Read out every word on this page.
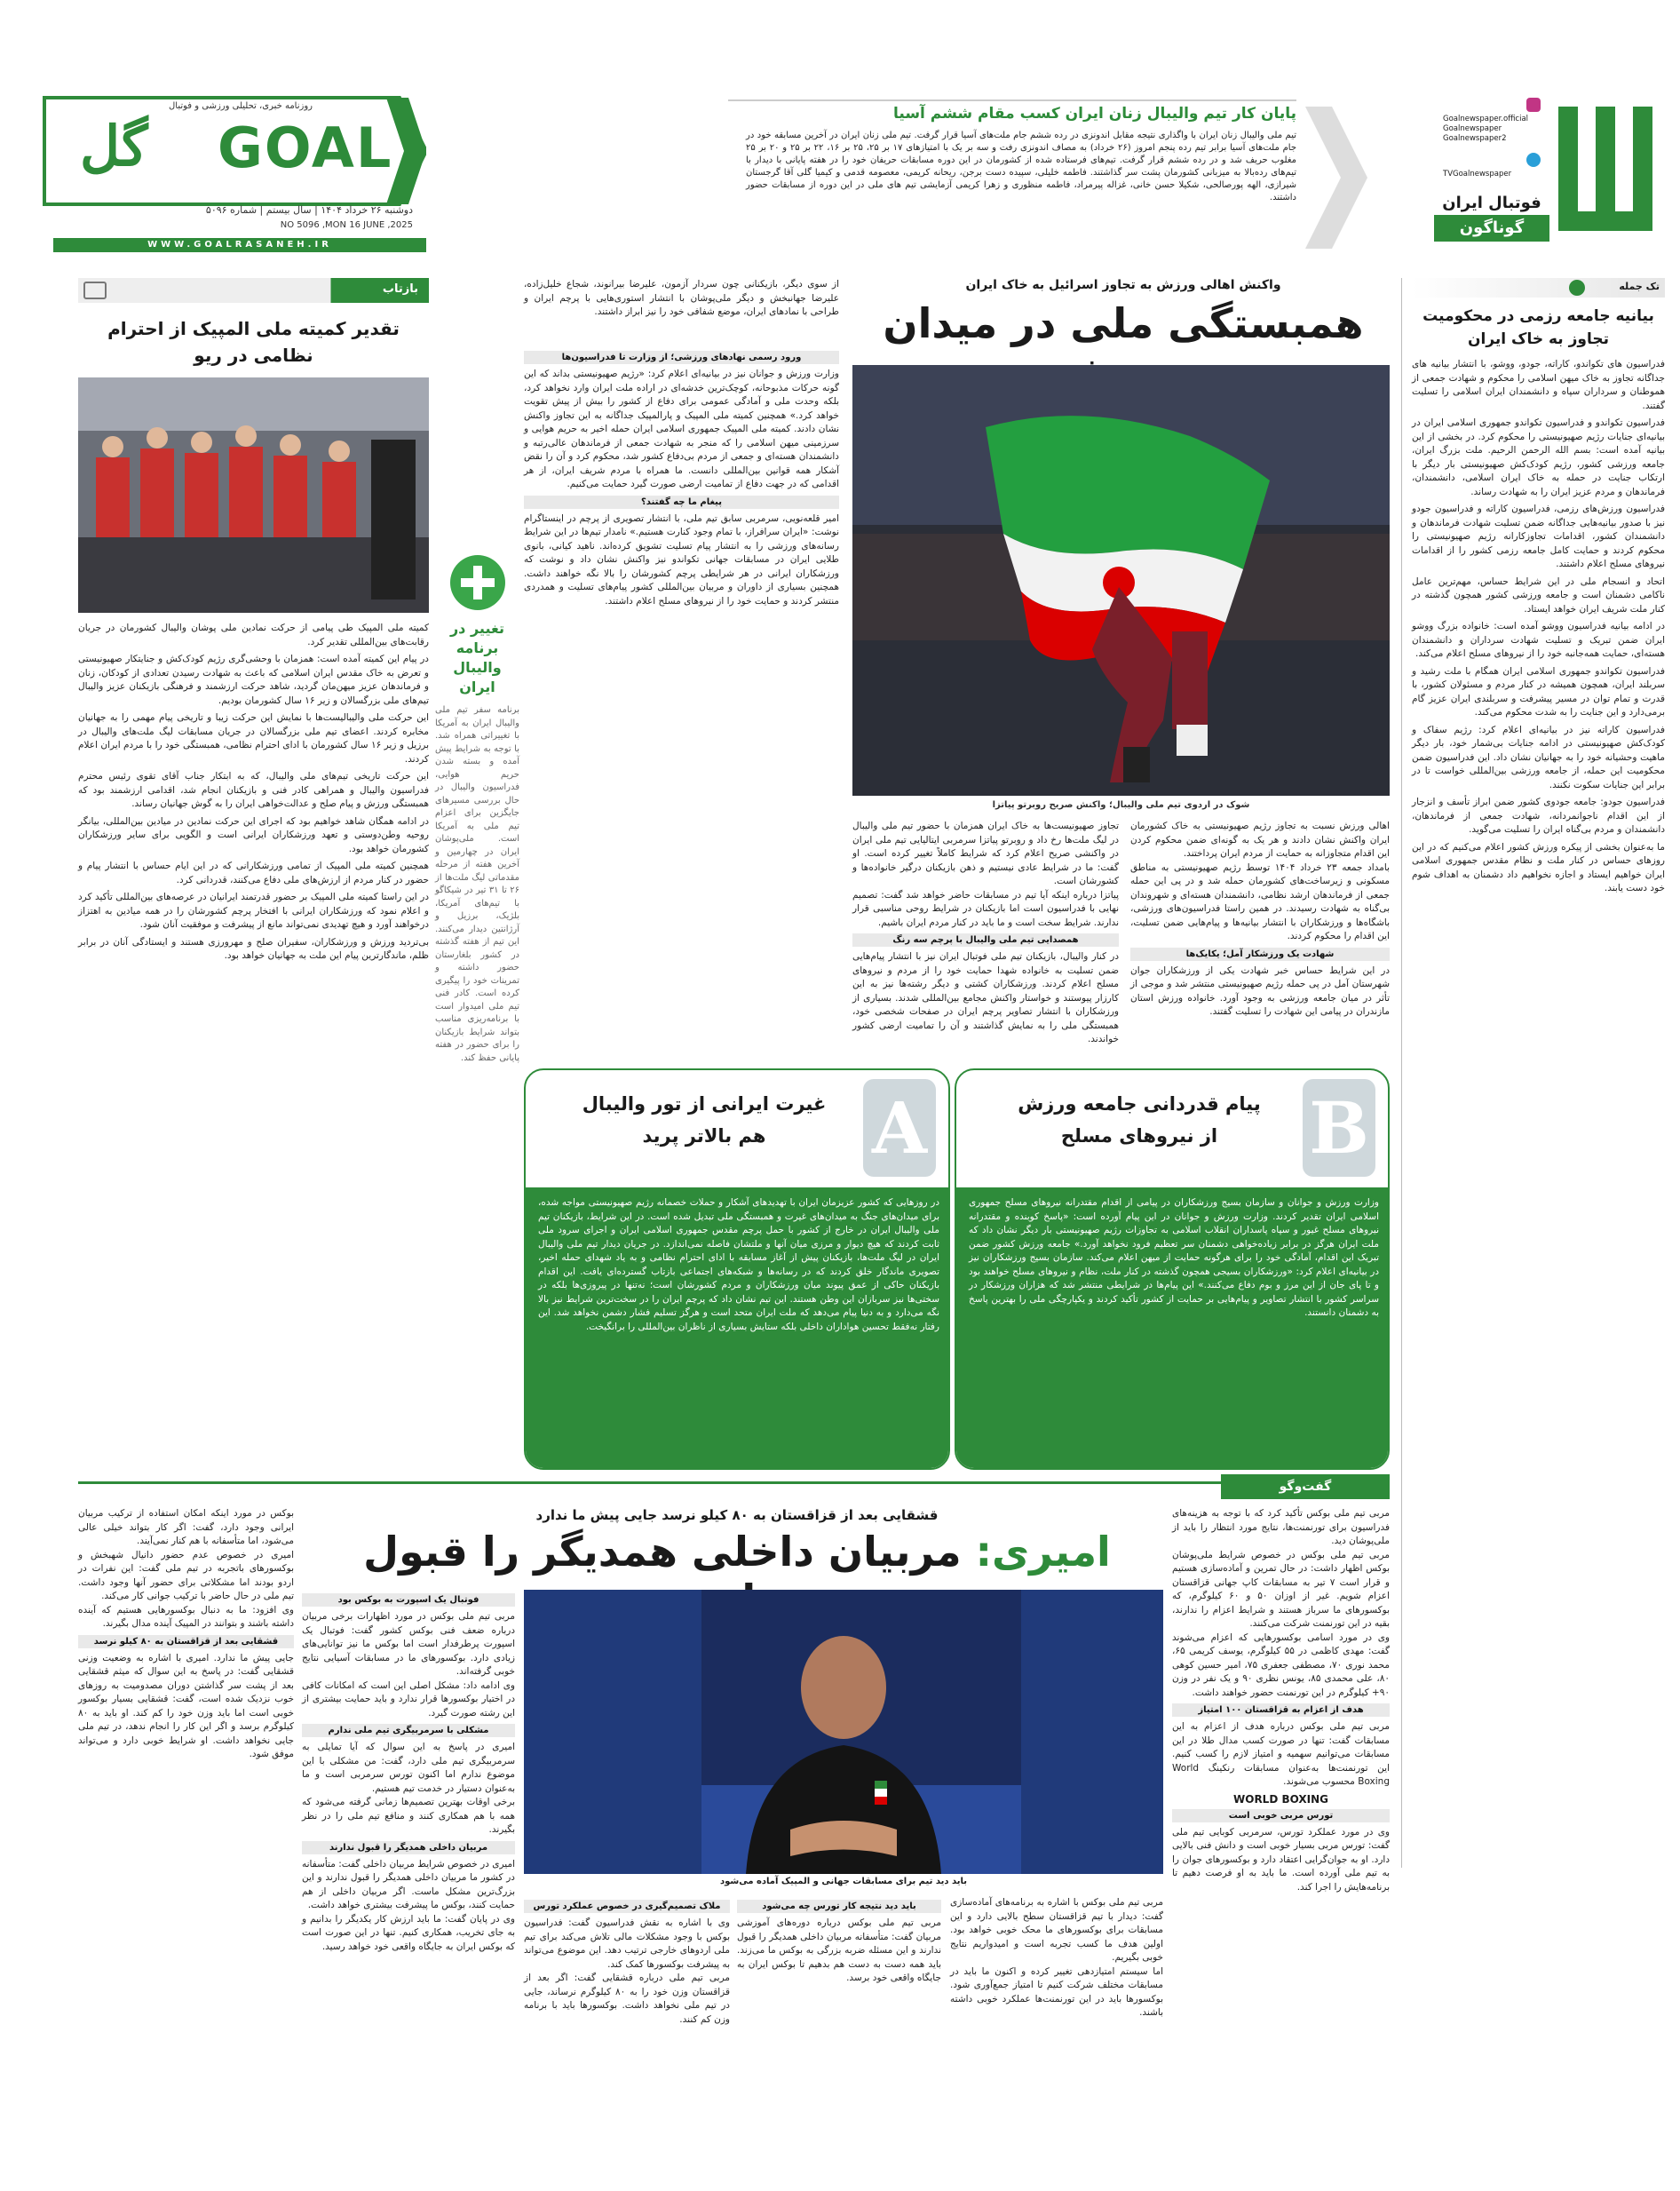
گل GOAL
روزنامه خبری، تحلیلی ورزشی و فوتبال
دوشنبه ۲۶ خرداد ۱۴۰۴ | سال بیستم | شماره ۵۰۹۶
NO 5096 ,MON 16 JUNE ,2025
WWW.GOALRASANEH.IR
پایان کار تیم والیبال زنان ایران کسب مقام ششم آسیا
تیم ملی والیبال زنان ایران با واگذاری نتیجه مقابل اندونزی در رده ششم جام ملت‌های آسیا قرار گرفت. تیم ملی زنان ایران در آخرین مسابقه خود در جام ملت‌های آسیا برابر تیم رده پنجم امروز (۲۶ خرداد) به مصاف اندونزی رفت و سه بر یک با امتیازهای ۱۷ بر ۲۵، ۲۵ بر ۱۶، ۲۲ بر ۲۵ و ۲۰ بر ۲۵ مغلوب حریف شد و در رده ششم قرار گرفت. تیم‌های فرستاده شده از کشورمان در این دوره مسابقات حریفان خود را در هفته پایانی با دیدار با تیم‌های رده‌بالا به میزبانی کشورمان پشت سر گذاشتند. فاطمه خلیلی، سپیده دست برجن، ریحانه کریمی، معصومه قدمی و کیمیا گلی آقا گرجستان شیرازی، الهه پورصالحی، شکیلا حسن خانی، غزاله پیرمراد، فاطمه منظوری و زهرا کریمی آزمایشی تیم های ملی در این دوره از مسابقات حضور داشتند.
Goalnewspaper.official
Goalnewspaper
Goalnewspaper2
TVGoalnewspaper
فوتبال ایران
گوناگون
تک جمله
بیانیه جامعه رزمی در محکومیت تجاوز به خاک ایران

فدراسیون های تکواندو، کاراته، جودو، ووشو، با انتشار بیانیه های جداگانه تجاوز به خاک میهن اسلامی را محکوم و شهادت جمعی از هموطنان و سرداران سپاه و دانشمندان ایران اسلامی را تسلیت گفتند.

فدراسیون تکواندو و فدراسیون تکواندو جمهوری اسلامی ایران در بیانیه‌ای جنایات رژیم صهیونیستی را محکوم کرد. در بخشی از این بیانیه آمده است: بسم الله الرحمن الرحیم. ملت بزرگ ایران، جامعه ورزشی کشور، رژیم کودک‌کش صهیونیستی بار دیگر با ارتکاب جنایت در حمله به خاک ایران اسلامی، دانشمندان، فرماندهان و مردم عزیز ایران را به شهادت رساند.

فدراسیون ورزش‌های رزمی، فدراسیون کاراته و فدراسیون جودو نیز با صدور بیانیه‌هایی جداگانه ضمن تسلیت شهادت فرماندهان و دانشمندان کشور، اقدامات تجاوزکارانه رژیم صهیونیستی را محکوم کردند و حمایت کامل جامعه رزمی کشور را از اقدامات نیروهای مسلح اعلام داشتند.

اتحاد و انسجام ملی در این شرایط حساس، مهم‌ترین عامل ناکامی دشمنان است و جامعه ورزشی کشور همچون گذشته در کنار ملت شریف ایران خواهد ایستاد.

در ادامه بیانیه فدراسیون ووشو آمده است: خانواده بزرگ ووشو ایران ضمن تبریک و تسلیت شهادت سرداران و دانشمندان هسته‌ای، حمایت همه‌جانبه خود را از نیروهای مسلح اعلام می‌کند.

فدراسیون تکواندو جمهوری اسلامی ایران همگام با ملت رشید و سربلند ایران، همچون همیشه در کنار مردم و مسئولان کشور، با قدرت و تمام توان در مسیر پیشرفت و سربلندی ایران عزیز گام برمی‌دارد و این جنایت را به شدت محکوم می‌کند.

فدراسیون کاراته نیز در بیانیه‌ای اعلام کرد: رژیم سفاک و کودک‌کش صهیونیستی در ادامه جنایات بی‌شمار خود، بار دیگر ماهیت وحشیانه خود را به جهانیان نشان داد. این فدراسیون ضمن محکومیت این حمله، از جامعه ورزشی بین‌المللی خواست تا در برابر این جنایات سکوت نکنند.

فدراسیون جودو: جامعه جودوی کشور ضمن ابراز تأسف و انزجار از این اقدام ناجوانمردانه، شهادت جمعی از فرماندهان، دانشمندان و مردم بی‌گناه ایران را تسلیت می‌گوید.

ما به‌عنوان بخشی از پیکره ورزش کشور اعلام می‌کنیم که در این روزهای حساس در کنار ملت و نظام مقدس جمهوری اسلامی ایران خواهیم ایستاد و اجازه نخواهیم داد دشمنان به اهداف شوم خود دست یابند.

واکنش اهالی ورزش به تجاوز اسرائیل به خاک ایران
همبستگی ملی در میدان
از سوی دیگر، بازیکنانی چون سردار آزمون، علیرضا بیرانوند، شجاع خلیل‌زاده، علیرضا جهانبخش و دیگر ملی‌پوشان با انتشار استوری‌هایی با پرچم ایران و طراحی با نمادهای ایران، موضع شفافی خود را نیز ابراز داشتند.
شوک در اردوی تیم ملی والیبال؛ واکنش صریح روبرتو پیاتزا
ورود رسمی نهادهای ورزشی؛ از وزارت تا فدراسیون‌ها
وزارت ورزش و جوانان نیز در بیانیه‌ای اعلام کرد: «رژیم صهیونیستی بداند که این گونه حرکات مذبوحانه، کوچک‌ترین خدشه‌ای در اراده ملت ایران وارد نخواهد کرد، بلکه وحدت ملی و آمادگی عمومی برای دفاع از کشور را بیش از پیش تقویت خواهد کرد.» همچنین کمیته ملی المپیک و پارالمپیک جداگانه به این تجاوز واکنش نشان دادند. کمیته ملی المپیک جمهوری اسلامی ایران حمله اخیر به حریم هوایی و سرزمینی میهن اسلامی را که منجر به شهادت جمعی از فرماندهان عالی‌رتبه و دانشمندان هسته‌ای و جمعی از مردم بی‌دفاع کشور شد، محکوم کرد و آن را نقض آشکار همه قوانین بین‌المللی دانست. ما همراه با مردم شریف ایران، از هر اقدامی که در جهت دفاع از تمامیت ارضی صورت گیرد حمایت می‌کنیم.
پیغام ما چه گفتند؟
امیر قلعه‌نویی، سرمربی سابق تیم ملی، با انتشار تصویری از پرچم در اینستاگرام نوشت: «ایران سرافراز، با تمام وجود کنارت هستیم.» نامدار تیم‌ها در این شرایط رسانه‌های ورزشی را به انتشار پیام تسلیت تشویق کرده‌اند. ناهید کیانی، بانوی طلایی ایران در مسابقات جهانی تکواندو نیز واکنش نشان داد و نوشت که ورزشکاران ایرانی در هر شرایطی پرچم کشورشان را بالا نگه خواهند داشت. همچنین بسیاری از داوران و مربیان بین‌المللی کشور پیام‌های تسلیت و همدردی منتشر کردند و حمایت خود را از نیروهای مسلح اعلام داشتند.

اهالی ورزش نسبت به تجاوز رژیم صهیونیستی به خاک کشورمان ایران واکنش نشان دادند و هر یک به گونه‌ای ضمن محکوم کردن این اقدام متجاوزانه به حمایت از مردم ایران پرداختند.

بامداد جمعه ۲۳ خرداد ۱۴۰۴ توسط رژیم صهیونیستی به مناطق مسکونی و زیرساخت‌های کشورمان حمله شد و در پی این حمله جمعی از فرماندهان ارشد نظامی، دانشمندان هسته‌ای و شهروندان بی‌گناه به شهادت رسیدند. در همین راستا فدراسیون‌های ورزشی، باشگاه‌ها و ورزشکاران با انتشار بیانیه‌ها و پیام‌هایی ضمن تسلیت، این اقدام را محکوم کردند.

شهادت یک ورزشکار آمل؛ یکایک‌ها

در این شرایط حساس خبر شهادت یکی از ورزشکاران جوان شهرستان آمل در پی حمله رژیم صهیونیستی منتشر شد و موجی از تأثر در میان جامعه ورزشی به وجود آورد. خانواده ورزش استان مازندران در پیامی این شهادت را تسلیت گفتند.

تجاوز صهیونیست‌ها به خاک ایران همزمان با حضور تیم ملی والیبال در لیگ ملت‌ها رخ داد و روبرتو پیاتزا سرمربی ایتالیایی تیم ملی ایران در واکنشی صریح اعلام کرد که شرایط کاملاً تغییر کرده است. او گفت: ما در شرایط عادی نیستیم و ذهن بازیکنان درگیر خانواده‌ها و کشورشان است.

پیاتزا درباره اینکه آیا تیم در مسابقات حاضر خواهد شد گفت: تصمیم نهایی با فدراسیون است اما بازیکنان در شرایط روحی مناسبی قرار ندارند. شرایط سخت است و ما باید در کنار مردم ایران باشیم.

همصدایی تیم ملی والیبال با پرچم سه رنگ

در کنار والیبال، بازیکنان تیم ملی فوتبال ایران نیز با انتشار پیام‌هایی ضمن تسلیت به خانواده شهدا حمایت خود را از مردم و نیروهای مسلح اعلام کردند. ورزشکاران کشتی و دیگر رشته‌ها نیز به این کارزار پیوستند و خواستار واکنش مجامع بین‌المللی شدند. بسیاری از ورزشکاران با انتشار تصاویر پرچم ایران در صفحات شخصی خود، همبستگی ملی را به نمایش گذاشتند و آن را تمامیت ارضی کشور خواندند.

بازتاب
تقدیر کمیته ملی المپیک از احترام نظامی در ریو

کمیته ملی المپیک طی پیامی از حرکت نمادین ملی پوشان والیبال کشورمان در جریان رقابت‌های بین‌المللی تقدیر کرد.

در پیام این کمیته آمده است: همزمان با وحشی‌گری رژیم کودک‌کش و جنایتکار صهیونیستی و تعرض به خاک مقدس ایران اسلامی که باعث به شهادت رسیدن تعدادی از کودکان، زنان و فرماندهان عزیز میهن‌مان گردید، شاهد حرکت ارزشمند و فرهنگی بازیکنان عزیز والیبال تیم‌های ملی بزرگسالان و زیر ۱۶ سال کشورمان بودیم.

این حرکت ملی والیبالیست‌ها با نمایش این حرکت زیبا و تاریخی پیام مهمی را به جهانیان مخابره کردند. اعضای تیم ملی بزرگسالان در جریان مسابقات لیگ ملت‌های والیبال در برزیل و زیر ۱۶ سال کشورمان با ادای احترام نظامی، همبستگی خود را با مردم ایران اعلام کردند.

این حرکت تاریخی تیم‌های ملی والیبال، که به ابتکار جناب آقای تقوی رئیس محترم فدراسیون والیبال و همراهی کادر فنی و بازیکنان انجام شد، اقدامی ارزشمند بود که همبستگی ورزش و پیام صلح و عدالت‌خواهی ایران را به گوش جهانیان رساند.

در ادامه همگان شاهد خواهیم بود که اجرای این حرکت نمادین در میادین بین‌المللی، بیانگر روحیه وطن‌دوستی و تعهد ورزشکاران ایرانی است و الگویی برای سایر ورزشکاران کشورمان خواهد بود.

همچنین کمیته ملی المپیک از تمامی ورزشکارانی که در این ایام حساس با انتشار پیام و حضور در کنار مردم از ارزش‌های ملی دفاع می‌کنند، قدردانی کرد.

در این راستا کمیته ملی المپیک بر حضور قدرتمند ایرانیان در عرصه‌های بین‌المللی تأکید کرد و اعلام نمود که ورزشکاران ایرانی با افتخار پرچم کشورشان را در همه میادین به اهتزاز درخواهند آورد و هیچ تهدیدی نمی‌تواند مانع از پیشرفت و موفقیت آنان شود.

بی‌تردید ورزش و ورزشکاران، سفیران صلح و مهرورزی هستند و ایستادگی آنان در برابر ظلم، ماندگارترین پیام این ملت به جهانیان خواهد بود.

تغییر در برنامه والیبال ایران
برنامه سفر تیم ملی والیبال ایران به آمریکا با تغییراتی همراه شد. با توجه به شرایط پیش آمده و بسته شدن حریم هوایی، فدراسیون والیبال در حال بررسی مسیرهای جایگزین برای اعزام تیم ملی به آمریکا است. ملی‌پوشان ایران در چهارمین و آخرین هفته از مرحله مقدماتی لیگ ملت‌ها از ۲۶ تا ۳۱ تیر در شیکاگو با تیم‌های آمریکا، بلژیک، برزیل و آرژانتین دیدار می‌کنند. این تیم از هفته گذشته در کشور بلغارستان حضور داشته و تمرینات خود را پیگیری کرده است. کادر فنی تیم ملی امیدوار است با برنامه‌ریزی مناسب بتواند شرایط بازیکنان را برای حضور در هفته پایانی حفظ کند.
B
پیام قدردانی جامعه ورزش
از نیروهای مسلح
وزارت ورزش و جوانان و سازمان بسیج ورزشکاران در پیامی از اقدام مقتدرانه نیروهای مسلح جمهوری اسلامی ایران تقدیر کردند. وزارت ورزش و جوانان در این پیام آورده است: «پاسخ کوبنده و مقتدرانه نیروهای مسلح غیور و سپاه پاسداران انقلاب اسلامی به تجاوزات رژیم صهیونیستی بار دیگر نشان داد که ملت ایران هرگز در برابر زیاده‌خواهی دشمنان سر تعظیم فرود نخواهد آورد.» جامعه ورزش کشور ضمن تبریک این اقدام، آمادگی خود را برای هرگونه حمایت از میهن اعلام می‌کند. سازمان بسیج ورزشکاران نیز در بیانیه‌ای اعلام کرد: «ورزشکاران بسیجی همچون گذشته در کنار ملت، نظام و نیروهای مسلح خواهند بود و تا پای جان از این مرز و بوم دفاع می‌کنند.» این پیام‌ها در شرایطی منتشر شد که هزاران ورزشکار در سراسر کشور با انتشار تصاویر و پیام‌هایی بر حمایت از کشور تأکید کردند و یکپارچگی ملی را بهترین پاسخ به دشمنان دانستند.
A
غیرت ایرانی از تور والیبال
هم بالاتر پرید
در روزهایی که کشور عزیزمان ایران با تهدیدهای آشکار و حملات خصمانه رژیم صهیونیستی مواجه شده، برای میدان‌های جنگ به میدان‌های غیرت و همبستگی ملی تبدیل شده است. در این شرایط، بازیکنان تیم ملی والیبال ایران در خارج از کشور با حمل پرچم مقدس جمهوری اسلامی ایران و اجرای سرود ملی ثابت کردند که هیچ دیوار و مرزی میان آنها و ملتشان فاصله نمی‌اندازد. در جریان دیدار تیم ملی والیبال ایران در لیگ ملت‌ها، بازیکنان پیش از آغاز مسابقه با ادای احترام نظامی و به یاد شهدای حمله اخیر، تصویری ماندگار خلق کردند که در رسانه‌ها و شبکه‌های اجتماعی بازتاب گسترده‌ای یافت. این اقدام بازیکنان حاکی از عمق پیوند میان ورزشکاران و مردم کشورشان است؛ نه‌تنها در پیروزی‌ها بلکه در سختی‌ها نیز سربازان این وطن هستند. این تیم نشان داد که پرچم ایران را در سخت‌ترین شرایط نیز بالا نگه می‌دارد و به دنیا پیام می‌دهد که ملت ایران متحد است و هرگز تسلیم فشار دشمن نخواهد شد. این رفتار نه‌فقط تحسین هواداران داخلی بلکه ستایش بسیاری از ناظران بین‌المللی را برانگیخت.
گفت‌وگو
قشقایی بعد از قزاقستان به ۸۰ کیلو نرسد جایی پیش ما ندارد
امیری: مربیان داخلی همدیگر را قبول
باید دید تیم برای مسابقات جهانی و المپیک آماده می‌شود

مربی تیم ملی بوکس تأکید کرد که با توجه به هزینه‌های فدراسیون برای تورنمنت‌ها، نتایج مورد انتظار را باید از ملی‌پوشان دید.

مربی تیم ملی بوکس در خصوص شرایط ملی‌پوشان بوکس اظهار داشت: در حال تمرین و آماده‌سازی هستیم و قرار است ۷ تیر به مسابقات کاپ جهانی قزاقستان اعزام شویم. غیر از اوزان ۵۰ و ۶۰ کیلوگرم، که بوکسورهای ما سرباز هستند و شرایط اعزام را ندارند، بقیه در این تورنمنت شرکت می‌کنند.

وی در مورد اسامی بوکسورهایی که اعزام می‌شوند گفت: مهدی کاظمی در ۵۵ کیلوگرم، یوسف کریمی ۶۵، محمد نوری ۷۰، مصطفی جعفری ۷۵، امیر حسین کوهی ۸۰، علی محمدی ۸۵، یونس نظری ۹۰ و یک نفر در وزن ۹۰+ کیلوگرم در این تورنمنت حضور خواهند داشت.

هدف از اعزام به قزاقستان ۱۰۰ امتیاز

مربی تیم ملی بوکس درباره هدف از اعزام به این مسابقات گفت: تنها در صورت کسب مدال طلا در این مسابقات می‌توانیم سهمیه و امتیاز لازم را کسب کنیم. این تورنمنت‌ها به‌عنوان مسابقات رنکینگ World Boxing محسوب می‌شوند.

WORLD BOXING
تورس مربی خوبی است

وی در مورد عملکرد تورس، سرمربی کوبایی تیم ملی گفت: تورس مربی بسیار خوبی است و دانش فنی بالایی دارد. او به جوان‌گرایی اعتقاد دارد و بوکسورهای جوان را به تیم ملی آورده است. ما باید به او فرصت دهیم تا برنامه‌هایش را اجرا کند.

مربی تیم ملی بوکس با اشاره به برنامه‌های آماده‌سازی گفت: دیدار با تیم قزاقستان سطح بالایی دارد و این مسابقات برای بوکسورهای ما محک خوبی خواهد بود. اولین هدف ما کسب تجربه است و امیدواریم نتایج خوبی بگیریم.

اما سیستم امتیازدهی تغییر کرده و اکنون ما باید در مسابقات مختلف شرکت کنیم تا امتیاز جمع‌آوری شود. بوکسورها باید در این تورنمنت‌ها عملکرد خوبی داشته باشند.

باید دید نتیجه کار تورس چه می‌شود

مربی تیم ملی بوکس درباره دوره‌های آموزشی مربیان گفت: متأسفانه مربیان داخلی همدیگر را قبول ندارند و این مسئله ضربه بزرگی به بوکس ما می‌زند. باید همه دست به دست هم بدهیم تا بوکس ایران به جایگاه واقعی خود برسد.

ملاک تصمیم‌گیری در خصوص عملکرد تورس

وی با اشاره به نقش فدراسیون گفت: فدراسیون بوکس با وجود مشکلات مالی تلاش می‌کند برای تیم ملی اردوهای خارجی ترتیب دهد. این موضوع می‌تواند به پیشرفت بوکسورها کمک کند.

مربی تیم ملی درباره قشقایی گفت: اگر بعد از قزاقستان وزن خود را به ۸۰ کیلوگرم نرساند، جایی در تیم ملی نخواهد داشت. بوکسورها باید با برنامه وزن کم کنند.

فوتبال یک اسپورت به بوکس بود

مربی تیم ملی بوکس در مورد اظهارات برخی مربیان درباره ضعف فنی بوکس کشور گفت: فوتبال یک اسپورت پرطرفدار است اما بوکس ما نیز توانایی‌های زیادی دارد. بوکسورهای ما در مسابقات آسیایی نتایج خوبی گرفته‌اند.

وی ادامه داد: مشکل اصلی این است که امکانات کافی در اختیار بوکسورها قرار ندارد و باید حمایت بیشتری از این رشته صورت گیرد.

مشکلی با سرمربیگری تیم ملی ندارم

امیری در پاسخ به این سوال که آیا تمایلی به سرمربیگری تیم ملی دارد، گفت: من مشکلی با این موضوع ندارم اما اکنون تورس سرمربی است و ما به‌عنوان دستیار در خدمت تیم هستیم.

برخی اوقات بهترین تصمیم‌ها زمانی گرفته می‌شود که همه با هم همکاری کنند و منافع تیم ملی را در نظر بگیرند.

مربیان داخلی همدیگر را قبول ندارند

امیری در خصوص شرایط مربیان داخلی گفت: متأسفانه در کشور ما مربیان داخلی همدیگر را قبول ندارند و این بزرگ‌ترین مشکل ماست. اگر مربیان داخلی از هم حمایت کنند، بوکس ما پیشرفت بیشتری خواهد داشت.

وی در پایان گفت: ما باید ارزش کار یکدیگر را بدانیم و به جای تخریب، همکاری کنیم. تنها در این صورت است که بوکس ایران به جایگاه واقعی خود خواهد رسید.

بوکس در مورد اینکه امکان استفاده از ترکیب مربیان ایرانی وجود دارد، گفت: اگر کار بتواند خیلی عالی می‌شود، اما متأسفانه با هم کنار نمی‌آیند.

امیری در خصوص عدم حضور دانیال شهبخش و بوکسورهای باتجربه در تیم ملی گفت: این نفرات در اردو بودند اما مشکلاتی برای حضور آنها وجود داشت. تیم ملی در حال حاضر با ترکیب جوانی کار می‌کند.

وی افزود: ما به دنبال بوکسورهایی هستیم که آینده داشته باشند و بتوانند در المپیک آینده مدال بگیرند.

قشقایی بعد از قزاقستان به ۸۰ کیلو نرسد

جایی پیش ما ندارد. امیری با اشاره به وضعیت وزنی قشقایی گفت: در پاسخ به این سوال که میثم قشقایی بعد از پشت سر گذاشتن دوران مصدومیت به روزهای خوب نزدیک شده است، گفت: قشقایی بسیار بوکسور خوبی است اما باید وزن خود را کم کند. او باید به ۸۰ کیلوگرم برسد و اگر این کار را انجام ندهد، در تیم ملی جایی نخواهد داشت. او شرایط خوبی دارد و می‌تواند موفق شود.
